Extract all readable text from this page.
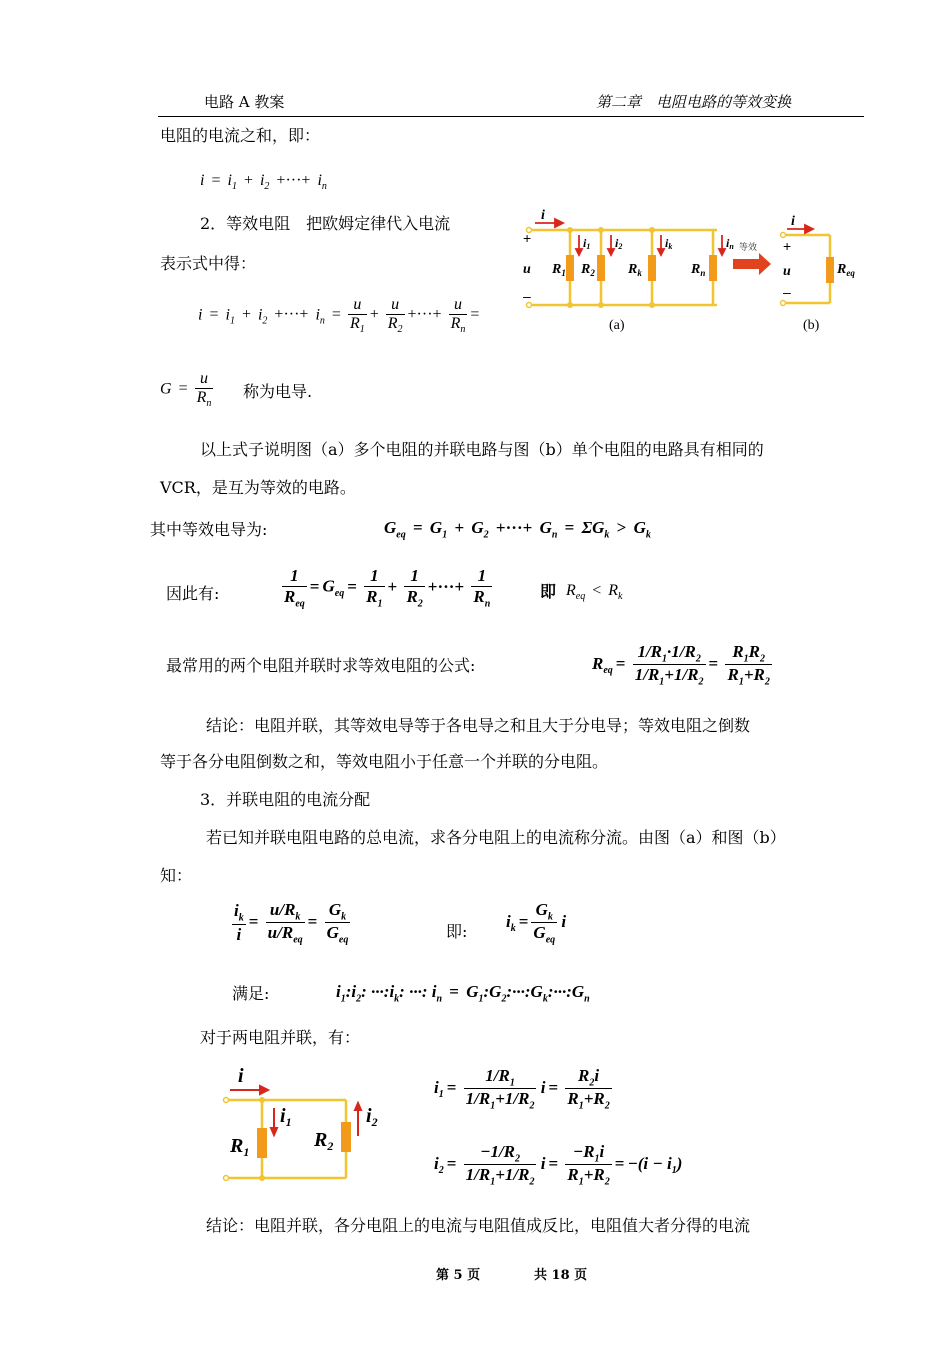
电路 A 教案	第二章　电阻电路的等效变换
电阻的电流之和，即：
$i = i_1 + i_2$ +···+ $i_n$
2．等效电阻　把欧姆定律代入电流
表示式中得：
$i = i_1 + i_2$ +···+ $i_n = \frac{u}{R_1} + \frac{u}{R_2}$ +···+ $\frac{u}{R_n}$ =
i
u $R_1$ $R_2$ $R_k$	$R_n$
i1 i2	ik	in
+
–
等效
i
u	$R_{eq}$
+
–
(a)	(b)
$G = \frac{u}{R_n}$ 称为电导.
以上式子说明图（a）多个电阻的并联电路与图（b）单个电阻的电路具有相同的
VCR，是互为等效的电路。
其中等效电导为:	$G_{eq} = G_1 + G_2$ +···+ $G_n = \Sigma G_k > G_k$
因此有:	$\frac{1}{R_{eq}} = G_{eq} = \frac{1}{R_1} + \frac{1}{R_2}$ +···+ $\frac{1}{R_n}$	即 $R_{eq} < R_k$
最常用的两个电阻并联时求等效电阻的公式:	$R_{eq} = \frac{1/R_1\cdot 1/R_2}{1/R_1+1/R_2} = \frac{R_1R_2}{R_1+R_2}$
结论：电阻并联，其等效电导等于各电导之和且大于分电导；等效电阻之倒数
等于各分电阻倒数之和，等效电阻小于任意一个并联的分电阻。
3．并联电阻的电流分配
若已知并联电阻电路的总电流，求各分电阻上的电流称分流。由图（a）和图（b）
知：
$\frac{i_k}{i} = \frac{u/R_k}{u/R_{eq}} = \frac{G_k}{G_{eq}}$	即:
$i_k = \frac{G_k}{G_{eq}}$ i
满足:	$i_1:i_2$: $\cdot\cdot\cdot:i_k$: ···: $i_n$ = $G_1:G_2:\cdot\cdot\cdot:G_k:\cdot\cdot\cdot:G_n$
对于两电阻并联，有：
i
$R_1$
$R_2$
$i_1$	$i_2$
$i_1 = \frac{1/R_1}{1/R_1+1/R_2}$ $i = \frac{R_2i}{R_1+R_2}$
$i_2 = \frac{-1/R_2}{1/R_1+1/R_2}$ $i = \frac{-R_1i}{R_1+R_2} = -(i - i_1)$
结论：电阻并联，各分电阻上的电流与电阻值成反比，电阻值大者分得的电流
第 5 页	共 18 页
